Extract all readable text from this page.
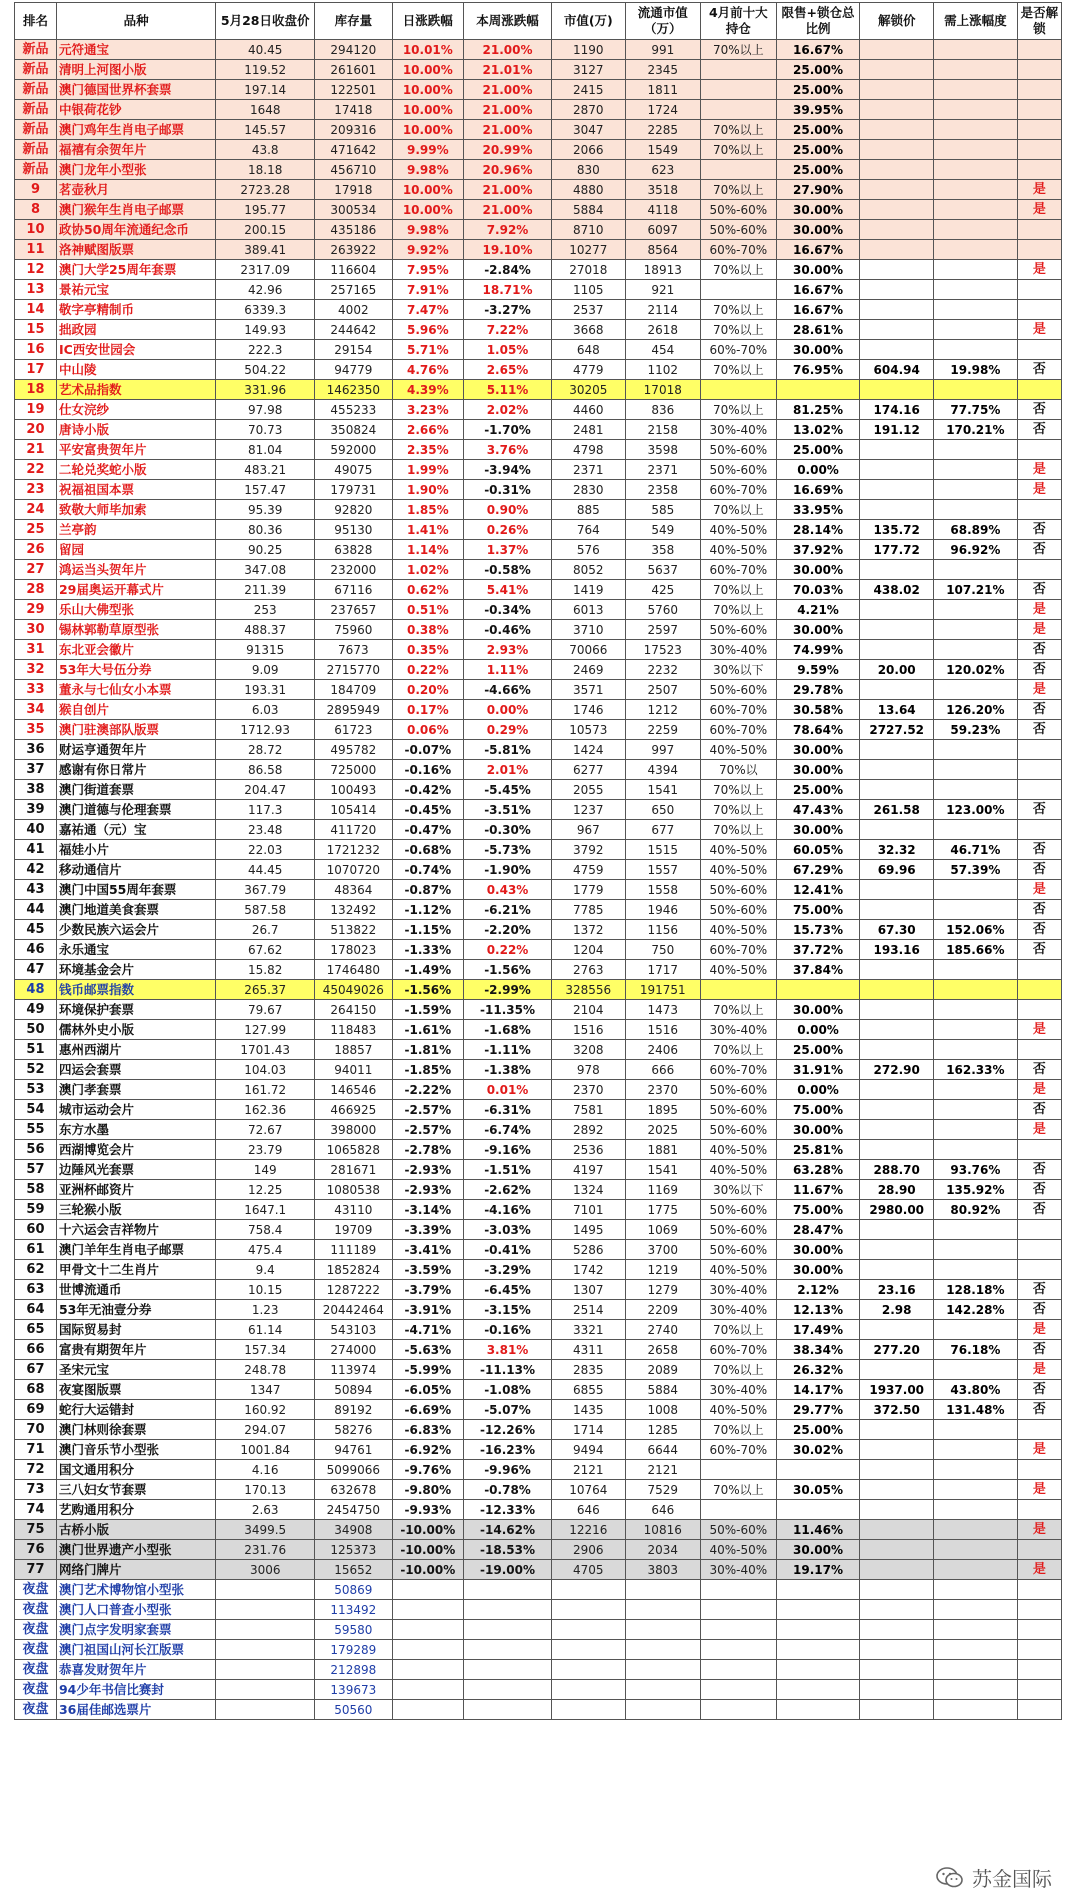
排名	品种	5月28日收盘价	库存量	日涨跌幅	本周涨跌幅	市值(万)	流通市值（万）	4月前十大持仓	限售+锁仓总比例	解锁价	需上涨幅度	是否解锁
新品	元符通宝	40.45	294120	10.01%	21.00%	1190	991	70%以上	16.67%			
新品	清明上河图小版	119.52	261601	10.00%	21.01%	3127	2345		25.00%			
新品	澳门德国世界杯套票	197.14	122501	10.00%	21.00%	2415	1811		25.00%			
新品	中银荷花钞	1648	17418	10.00%	21.00%	2870	1724		39.95%			
新品	澳门鸡年生肖电子邮票	145.57	209316	10.00%	21.00%	3047	2285	70%以上	25.00%			
新品	福禧有余贺年片	43.8	471642	9.99%	20.99%	2066	1549	70%以上	25.00%			
新品	澳门龙年小型张	18.18	456710	9.98%	20.96%	830	623		25.00%			
9	茗壶秋月	2723.28	17918	10.00%	21.00%	4880	3518	70%以上	27.90%			是
8	澳门猴年生肖电子邮票	195.77	300534	10.00%	21.00%	5884	4118	50%-60%	30.00%			是
10	政协50周年流通纪念币	200.15	435186	9.98%	7.92%	8710	6097	50%-60%	30.00%			
11	洛神赋图版票	389.41	263922	9.92%	19.10%	10277	8564	60%-70%	16.67%			
12	澳门大学25周年套票	2317.09	116604	7.95%	-2.84%	27018	18913	70%以上	30.00%			是
13	景祐元宝	42.96	257165	7.91%	18.71%	1105	921		16.67%			
14	敬字亭精制币	6339.3	4002	7.47%	-3.27%	2537	2114	70%以上	16.67%			
15	拙政园	149.93	244642	5.96%	7.22%	3668	2618	70%以上	28.61%			是
16	IC西安世园会	222.3	29154	5.71%	1.05%	648	454	60%-70%	30.00%			
17	中山陵	504.22	94779	4.76%	2.65%	4779	1102	70%以上	76.95%	604.94	19.98%	否
18	艺术品指数	331.96	1462350	4.39%	5.11%	30205	17018					
19	仕女浣纱	97.98	455233	3.23%	2.02%	4460	836	70%以上	81.25%	174.16	77.75%	否
20	唐诗小版	70.73	350824	2.66%	-1.70%	2481	2158	30%-40%	13.02%	191.12	170.21%	否
21	平安富贵贺年片	81.04	592000	2.35%	3.76%	4798	3598	50%-60%	25.00%			
22	二轮兑奖蛇小版	483.21	49075	1.99%	-3.94%	2371	2371	50%-60%	0.00%			是
23	祝福祖国本票	157.47	179731	1.90%	-0.31%	2830	2358	60%-70%	16.69%			是
24	致敬大师毕加索	95.39	92820	1.85%	0.90%	885	585	70%以上	33.95%			
25	兰亭韵	80.36	95130	1.41%	0.26%	764	549	40%-50%	28.14%	135.72	68.89%	否
26	留园	90.25	63828	1.14%	1.37%	576	358	40%-50%	37.92%	177.72	96.92%	否
27	鸿运当头贺年片	347.08	232000	1.02%	-0.58%	8052	5637	60%-70%	30.00%			
28	29届奥运开幕式片	211.39	67116	0.62%	5.41%	1419	425	70%以上	70.03%	438.02	107.21%	否
29	乐山大佛型张	253	237657	0.51%	-0.34%	6013	5760	70%以上	4.21%			是
30	锡林郭勒草原型张	488.37	75960	0.38%	-0.46%	3710	2597	50%-60%	30.00%			是
31	东北亚会徽片	91315	7673	0.35%	2.93%	70066	17523	30%-40%	74.99%			否
32	53年大号伍分券	9.09	2715770	0.22%	1.11%	2469	2232	30%以下	9.59%	20.00	120.02%	否
33	董永与七仙女小本票	193.31	184709	0.20%	-4.66%	3571	2507	50%-60%	29.78%			是
34	猴自创片	6.03	2895949	0.17%	0.00%	1746	1212	60%-70%	30.58%	13.64	126.20%	否
35	澳门驻澳部队版票	1712.93	61723	0.06%	0.29%	10573	2259	60%-70%	78.64%	2727.52	59.23%	否
36	财运亨通贺年片	28.72	495782	-0.07%	-5.81%	1424	997	40%-50%	30.00%			
37	感谢有你日常片	86.58	725000	-0.16%	2.01%	6277	4394	70%以	30.00%			
38	澳门街道套票	204.47	100493	-0.42%	-5.45%	2055	1541	70%以上	25.00%			
39	澳门道德与伦理套票	117.3	105414	-0.45%	-3.51%	1237	650	70%以上	47.43%	261.58	123.00%	否
40	嘉祐通（元）宝	23.48	411720	-0.47%	-0.30%	967	677	70%以上	30.00%			
41	福娃小片	22.03	1721232	-0.68%	-5.73%	3792	1515	40%-50%	60.05%	32.32	46.71%	否
42	移动通信片	44.45	1070720	-0.74%	-1.90%	4759	1557	40%-50%	67.29%	69.96	57.39%	否
43	澳门中国55周年套票	367.79	48364	-0.87%	0.43%	1779	1558	50%-60%	12.41%			是
44	澳门地道美食套票	587.58	132492	-1.12%	-6.21%	7785	1946	50%-60%	75.00%			否
45	少数民族六运会片	26.7	513822	-1.15%	-2.20%	1372	1156	40%-50%	15.73%	67.30	152.06%	否
46	永乐通宝	67.62	178023	-1.33%	0.22%	1204	750	60%-70%	37.72%	193.16	185.66%	否
47	环境基金会片	15.82	1746480	-1.49%	-1.56%	2763	1717	40%-50%	37.84%			
48	钱币邮票指数	265.37	45049026	-1.56%	-2.99%	328556	191751					
49	环境保护套票	79.67	264150	-1.59%	-11.35%	2104	1473	70%以上	30.00%			
50	儒林外史小版	127.99	118483	-1.61%	-1.68%	1516	1516	30%-40%	0.00%			是
51	惠州西湖片	1701.43	18857	-1.81%	-1.11%	3208	2406	70%以上	25.00%			
52	四运会套票	104.03	94011	-1.85%	-1.38%	978	666	60%-70%	31.91%	272.90	162.33%	否
53	澳门孝套票	161.72	146546	-2.22%	0.01%	2370	2370	50%-60%	0.00%			是
54	城市运动会片	162.36	466925	-2.57%	-6.31%	7581	1895	50%-60%	75.00%			否
55	东方水墨	72.67	398000	-2.57%	-6.74%	2892	2025	50%-60%	30.00%			是
56	西湖博览会片	23.79	1065828	-2.78%	-9.16%	2536	1881	40%-50%	25.81%			
57	边陲风光套票	149	281671	-2.93%	-1.51%	4197	1541	40%-50%	63.28%	288.70	93.76%	否
58	亚洲杯邮资片	12.25	1080538	-2.93%	-2.62%	1324	1169	30%以下	11.67%	28.90	135.92%	否
59	三轮猴小版	1647.1	43110	-3.14%	-4.16%	7101	1775	50%-60%	75.00%	2980.00	80.92%	否
60	十六运会吉祥物片	758.4	19709	-3.39%	-3.03%	1495	1069	50%-60%	28.47%			
61	澳门羊年生肖电子邮票	475.4	111189	-3.41%	-0.41%	5286	3700	50%-60%	30.00%			
62	甲骨文十二生肖片	9.4	1852824	-3.59%	-3.29%	1742	1219	40%-50%	30.00%			
63	世博流通币	10.15	1287222	-3.79%	-6.45%	1307	1279	30%-40%	2.12%	23.16	128.18%	否
64	53年无油壹分券	1.23	20442464	-3.91%	-3.15%	2514	2209	30%-40%	12.13%	2.98	142.28%	否
65	国际贸易封	61.14	543103	-4.71%	-0.16%	3321	2740	70%以上	17.49%			是
66	富贵有期贺年片	157.34	274000	-5.63%	3.81%	4311	2658	60%-70%	38.34%	277.20	76.18%	否
67	圣宋元宝	248.78	113974	-5.99%	-11.13%	2835	2089	70%以上	26.32%			是
68	夜宴图版票	1347	50894	-6.05%	-1.08%	6855	5884	30%-40%	14.17%	1937.00	43.80%	否
69	蛇行大运错封	160.92	89192	-6.69%	-5.07%	1435	1008	40%-50%	29.77%	372.50	131.48%	否
70	澳门林则徐套票	294.07	58276	-6.83%	-12.26%	1714	1285	70%以上	25.00%			
71	澳门音乐节小型张	1001.84	94761	-6.92%	-16.23%	9494	6644	60%-70%	30.02%			是
72	国文通用积分	4.16	5099066	-9.76%	-9.96%	2121	2121					
73	三八妇女节套票	170.13	632678	-9.80%	-0.78%	10764	7529	70%以上	30.05%			是
74	艺购通用积分	2.63	2454750	-9.93%	-12.33%	646	646					
75	古桥小版	3499.5	34908	-10.00%	-14.62%	12216	10816	50%-60%	11.46%			是
76	澳门世界遗产小型张	231.76	125373	-10.00%	-18.53%	2906	2034	40%-50%	30.00%			
77	网络门牌片	3006	15652	-10.00%	-19.00%	4705	3803	30%-40%	19.17%			是
夜盘	澳门艺术博物馆小型张		50869									
夜盘	澳门人口普查小型张		113492									
夜盘	澳门点字发明家套票		59580									
夜盘	澳门祖国山河长江版票		179289									
夜盘	恭喜发财贺年片		212898									
夜盘	94少年书信比赛封		139673									
夜盘	36届佳邮选票片		50560									
苏金国际
